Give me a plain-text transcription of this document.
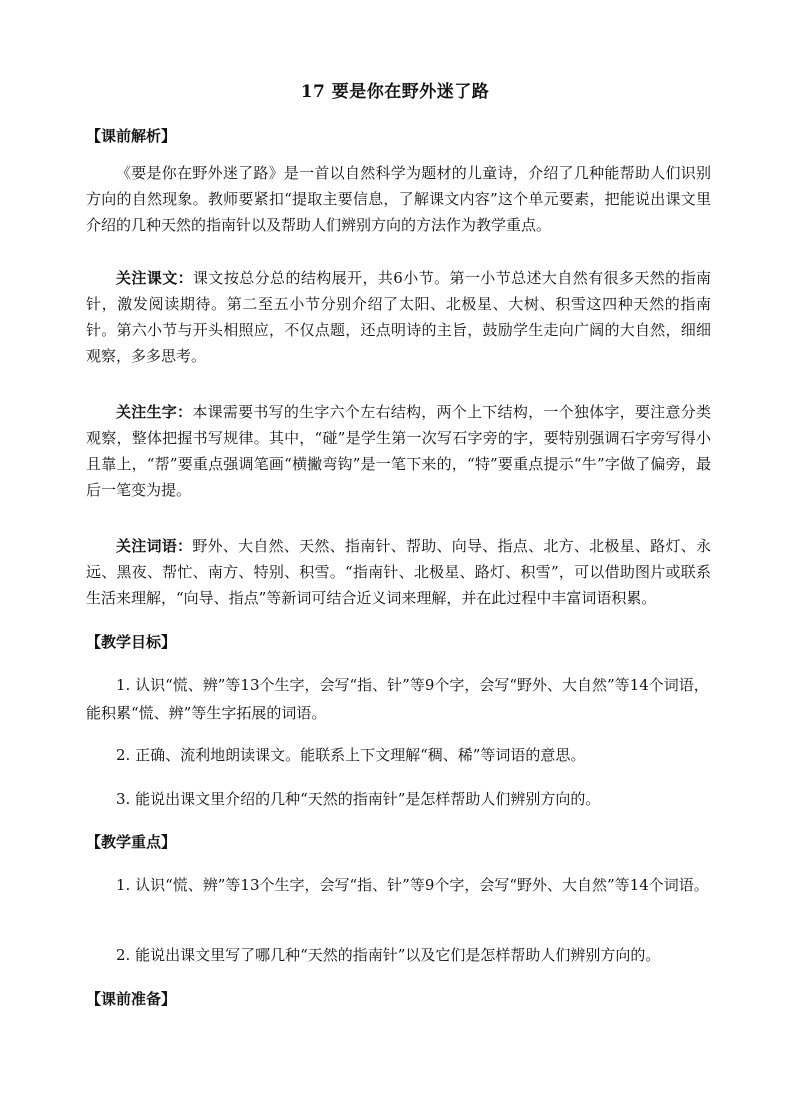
17 要是你在野外迷了路
【课前解析】
《要是你在野外迷了路》是一首以自然科学为题材的儿童诗，介绍了几种能帮助人们识别方向的自然现象。教师要紧扣“提取主要信息，了解课文内容”这个单元要素，把能说出课文里介绍的几种天然的指南针以及帮助人们辨别方向的方法作为教学重点。
关注课文：课文按总分总的结构展开，共6小节。第一小节总述大自然有很多天然的指南针，激发阅读期待。第二至五小节分别介绍了太阳、北极星、大树、积雪这四种天然的指南针。第六小节与开头相照应，不仅点题，还点明诗的主旨，鼓励学生走向广阔的大自然，细细观察，多多思考。
关注生字：本课需要书写的生字六个左右结构，两个上下结构，一个独体字，要注意分类观察，整体把握书写规律。其中，“碰”是学生第一次写石字旁的字，要特别强调石字旁写得小且靠上，“帮”要重点强调笔画“横撇弯钩”是一笔下来的，“特”要重点提示“牛”字做了偏旁，最后一笔变为提。
关注词语：野外、大自然、天然、指南针、帮助、向导、指点、北方、北极星、路灯、永远、黑夜、帮忙、南方、特别、积雪。“指南针、北极星、路灯、积雪”，可以借助图片或联系生活来理解，“向导、指点”等新词可结合近义词来理解，并在此过程中丰富词语积累。
【教学目标】
1. 认识“慌、辨”等13个生字，会写“指、针”等9个字，会写“野外、大自然”等14个词语，能积累“慌、辨”等生字拓展的词语。
2. 正确、流利地朗读课文。能联系上下文理解“稠、稀”等词语的意思。
3. 能说出课文里介绍的几种“天然的指南针”是怎样帮助人们辨别方向的。
【教学重点】
1. 认识“慌、辨”等13个生字，会写“指、针”等9个字，会写“野外、大自然”等14个词语。
2. 能说出课文里写了哪几种“天然的指南针”以及它们是怎样帮助人们辨别方向的。
【课前准备】
